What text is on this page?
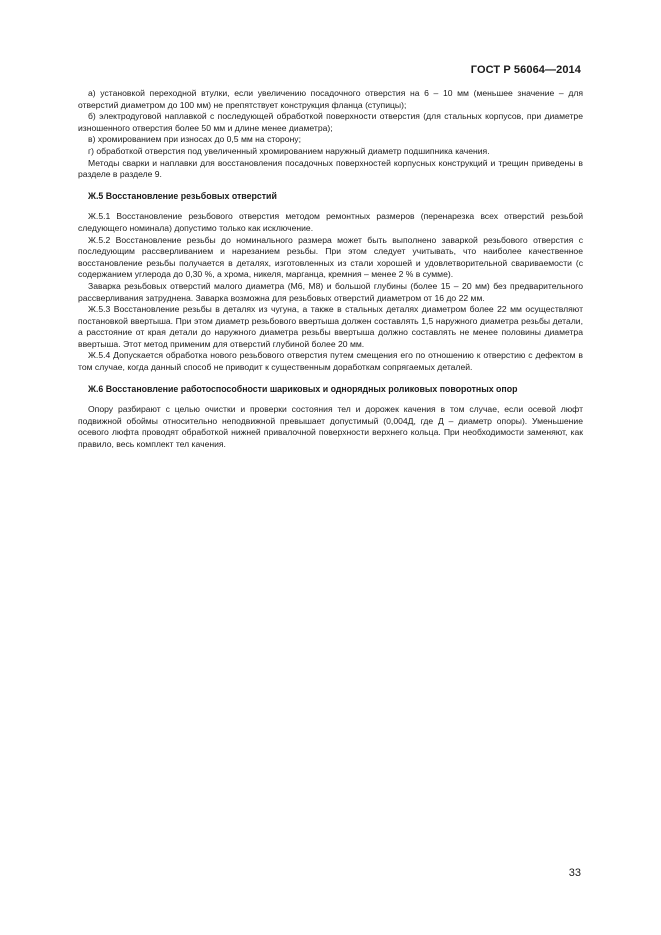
ГОСТ Р 56064—2014

а) установкой переходной втулки, если увеличению посадочного отверстия на 6 – 10 мм (меньшее значение – для отверстий диаметром до 100 мм) не препятствует конструкция фланца (ступицы);

б) электродуговой наплавкой с последующей обработкой поверхности отверстия (для стальных корпусов, при диаметре изношенного отверстия более 50 мм и длине менее диаметра);

в) хромированием при износах до 0,5 мм на сторону;

г) обработкой отверстия под увеличенный хромированием наружный диаметр подшипника качения.

Методы сварки и наплавки для восстановления посадочных поверхностей корпусных конструкций и трещин приведены в разделе в разделе 9.

Ж.5 Восстановление резьбовых отверстий

Ж.5.1 Восстановление резьбового отверстия методом ремонтных размеров (перенарезка всех отверстий резьбой следующего номинала) допустимо только как исключение.

Ж.5.2 Восстановление резьбы до номинального размера может быть выполнено заваркой резьбового отверстия с последующим рассверливанием и нарезанием резьбы. При этом следует учитывать, что наиболее качественное восстановление резьбы получается в деталях, изготовленных из стали хорошей и удовлетворительной свариваемости (с содержанием углерода до 0,30 %, а хрома, никеля, марганца, кремния – менее 2 % в сумме).

Заварка резьбовых отверстий малого диаметра (М6, М8) и большой глубины (более 15 – 20 мм) без предварительного рассверливания затруднена. Заварка возможна для резьбовых отверстий диаметром от 16 до 22 мм.

Ж.5.3 Восстановление резьбы в деталях из чугуна, а также в стальных деталях диаметром более 22 мм осуществляют постановкой ввертыша. При этом диаметр резьбового ввертыша должен составлять 1,5 наружного диаметра резьбы детали, а расстояние от края детали до наружного диаметра резьбы ввертыша должно составлять не менее половины диаметра ввертыша. Этот метод применим для отверстий глубиной более 20 мм.

Ж.5.4 Допускается обработка нового резьбового отверстия путем смещения его по отношению к отверстию с дефектом в том случае, когда данный способ не приводит к существенным доработкам сопрягаемых деталей.

Ж.6 Восстановление работоспособности шариковых и однорядных роликовых поворотных опор

Опору разбирают с целью очистки и проверки состояния тел и дорожек качения в том случае, если осевой люфт подвижной обоймы относительно неподвижной превышает допустимый (0,004Д, где Д – диаметр опоры). Уменьшение осевого люфта проводят обработкой нижней привалочной поверхности верхнего кольца. При необходимости заменяют, как правило, весь комплект тел качения.

33
